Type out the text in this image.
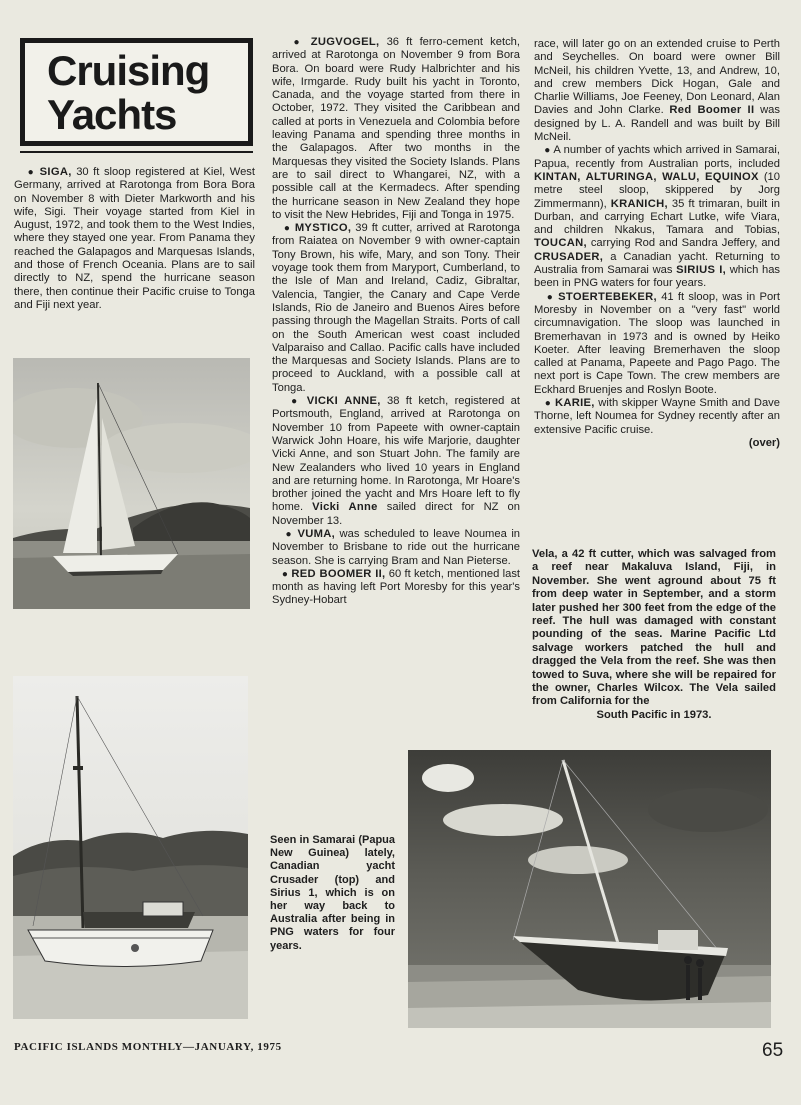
Cruising
Yachts

● SIGA, 30 ft sloop registered at Kiel, West Germany, arrived at Rarotonga from Bora Bora on November 8 with Dieter Markworth and his wife, Sigi. Their voyage started from Kiel in August, 1972, and took them to the West Indies, where they stayed one year. From Panama they reached the Galapagos and Marquesas Islands, and those of French Oceania. Plans are to sail directly to NZ, spend the hurricane season there, then continue their Pacific cruise to Tonga and Fiji next year.

● ZUGVOGEL, 36 ft ferro-cement ketch, arrived at Rarotonga on November 9 from Bora Bora. On board were Rudy Halbrichter and his wife, Irmgarde. Rudy built his yacht in Toronto, Canada, and the voyage started from there in October, 1972. They visited the Caribbean and called at ports in Venezuela and Colombia before leaving Panama and spending three months in the Galapagos. After two months in the Marquesas they visited the Society Islands. Plans are to sail direct to Whangarei, NZ, with a possible call at the Kermadecs. After spending the hurricane season in New Zealand they hope to visit the New Hebrides, Fiji and Tonga in 1975.

● MYSTICO, 39 ft cutter, arrived at Rarotonga from Raiatea on November 9 with owner-captain Tony Brown, his wife, Mary, and son Tony. Their voyage took them from Maryport, Cumberland, to the Isle of Man and Ireland, Cadiz, Gibraltar, Valencia, Tangier, the Canary and Cape Verde Islands, Rio de Janeiro and Buenos Aires before passing through the Magellan Straits. Ports of call on the South American west coast included Valparaiso and Callao. Pacific calls have included the Marquesas and Society Islands. Plans are to proceed to Auckland, with a possible call at Tonga.

● VICKI ANNE, 38 ft ketch, registered at Portsmouth, England, arrived at Rarotonga on November 10 from Papeete with owner-captain Warwick John Hoare, his wife Marjorie, daughter Vicki Anne, and son Stuart John. The family are New Zealanders who lived 10 years in England and are returning home. In Rarotonga, Mr Hoare's brother joined the yacht and Mrs Hoare left to fly home. Vicki Anne sailed direct for NZ on November 13.

● VUMA, was scheduled to leave Noumea in November to Brisbane to ride out the hurricane season. She is carrying Bram and Nan Pieterse.

● RED BOOMER II, 60 ft ketch, mentioned last month as having left Port Moresby for this year's Sydney-Hobart

race, will later go on an extended cruise to Perth and Seychelles. On board were owner Bill McNeil, his children Yvette, 13, and Andrew, 10, and crew members Dick Hogan, Gale and Charlie Williams, Joe Feeney, Don Leonard, Alan Davies and John Clarke. Red Boomer II was designed by L. A. Randell and was built by Bill McNeil.

● A number of yachts which arrived in Samarai, Papua, recently from Australian ports, included KINTAN, ALTURINGA, WALU, EQUINOX (10 metre steel sloop, skippered by Jorg Zimmermann), KRANICH, 35 ft trimaran, built in Durban, and carrying Echart Lutke, wife Viara, and children Nkakus, Tamara and Tobias, TOUCAN, carrying Rod and Sandra Jeffery, and CRUSADER, a Canadian yacht. Returning to Australia from Samarai was SIRIUS I, which has been in PNG waters for four years.

● STOERTEBEKER, 41 ft sloop, was in Port Moresby in November on a "very fast" world circumnavigation. The sloop was launched in Bremerhavan in 1973 and is owned by Heiko Koeter. After leaving Bremerhaven the sloop called at Panama, Papeete and Pago Pago. The next port is Cape Town. The crew members are Eckhard Bruenjes and Roslyn Boote.

● KARIE, with skipper Wayne Smith and Dave Thorne, left Noumea for Sydney recently after an extensive Pacific cruise.

(over)

Vela, a 42 ft cutter, which was salvaged from a reef near Makaluva Island, Fiji, in November. She went aground about 75 ft from deep water in September, and a storm later pushed her 300 feet from the edge of the reef. The hull was damaged with constant pounding of the seas. Marine Pacific Ltd salvage workers patched the hull and dragged the Vela from the reef. She was then towed to Suva, where she will be repaired for the owner, Charles Wilcox. The Vela sailed from California for the
South Pacific in 1973.
Seen in Samarai (Papua New Guinea) lately, Canadian yacht Crusader (top) and Sirius 1, which is on her way back to Australia after being in PNG waters for four years.
PACIFIC ISLANDS MONTHLY—JANUARY, 1975	65
